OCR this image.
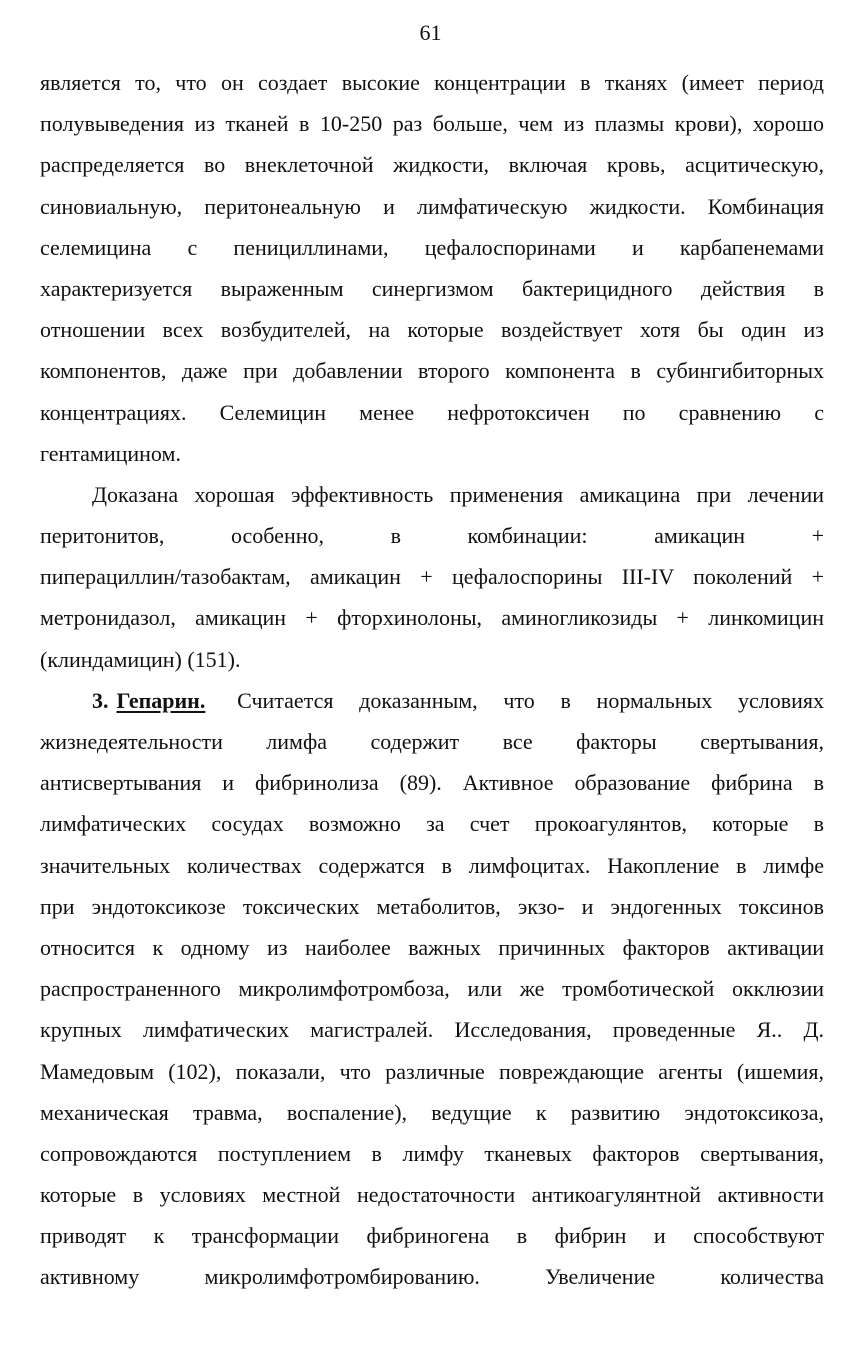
61
является то, что он создает высокие концентрации в тканях (имеет период
полувыведения из тканей в 10-250 раз больше, чем из плазмы крови), хорошо
распределяется во внеклеточной жидкости, включая кровь, асцитическую,
синовиальную, перитонеальную и лимфатическую жидкости. Комбинация
селемицина с пенициллинами, цефалоспоринами и карбапенемами
характеризуется выраженным синергизмом бактерицидного действия в
отношении всех возбудителей, на которые воздействует хотя бы один из
компонентов, даже при добавлении второго компонента в субингибиторных
концентрациях. Селемицин менее нефротоксичен по сравнению с
гентамицином.
Доказана хорошая эффективность применения амикацина при лечении
перитонитов, особенно, в комбинации: амикацин +
пиперациллин/тазобактам, амикацин + цефалоспорины III-IV поколений +
метронидазол, амикацин + фторхинолоны, аминогликозиды + линкомицин
(клиндамицин) (151).
3. Гепарин. Считается доказанным, что в нормальных условиях
жизнедеятельности лимфа содержит все факторы свертывания,
антисвертывания и фибринолиза (89). Активное образование фибрина в
лимфатических сосудах возможно за счет прокоагулянтов, которые в
значительных количествах содержатся в лимфоцитах. Накопление в лимфе
при эндотоксикозе токсических метаболитов, экзо- и эндогенных токсинов
относится к одному из наиболее важных причинных факторов активации
распространенного микролимфотромбоза, или же тромботической окклюзии
крупных лимфатических магистралей. Исследования, проведенные Я.. Д.
Мамедовым (102), показали, что различные повреждающие агенты (ишемия,
механическая травма, воспаление), ведущие к развитию эндотоксикоза,
сопровождаются поступлением в лимфу тканевых факторов свертывания,
которые в условиях местной недостаточности антикоагулянтной активности
приводят к трансформации фибриногена в фибрин и способствуют
активному микролимфотромбированию. Увеличение количества
